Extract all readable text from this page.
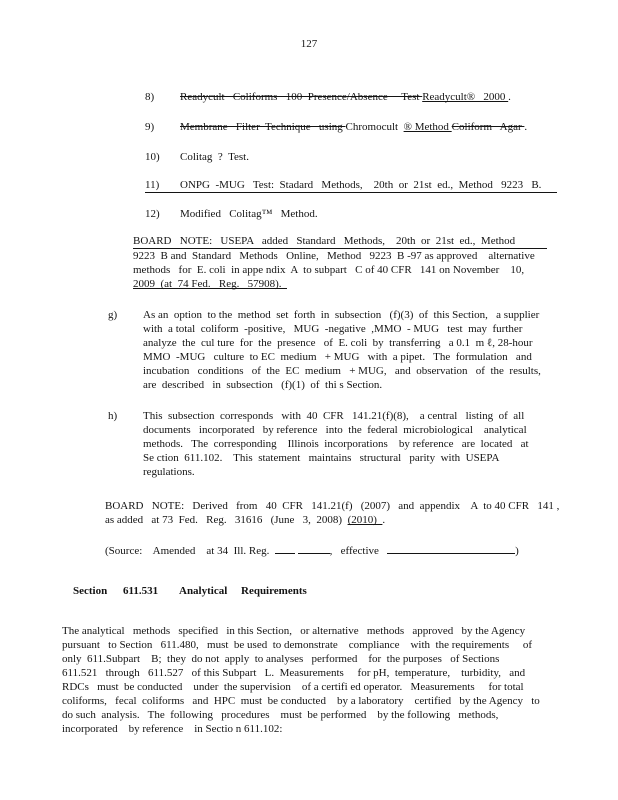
127
8)	Readycult   Coliforms   100  Presence/Absence     Test Readycult®   2000 .
9)	Membrane   Filter  Technique   using Chromocult  ® Method Coliform   Agar .
10)	Colitag  ?  Test.
11)	ONPG  -MUG   Test:  Stadard   Methods,    20th  or  21st  ed.,  Method   9223   B.
12)	Modified   Colitag™   Method.
BOARD   NOTE:   USEPA   added   Standard   Methods,    20th  or  21st  ed.,  Method
9223  B and  Standard   Methods   Online,   Method   9223  B -97 as approved    alternative
methods   for  E. coli  in appe ndix  A  to subpart   C of 40 CFR   141 on November    10,
2009  (at  74 Fed.   Reg.   57908).
g)	As an  option  to the  method  set  forth  in  subsection   (f)(3)  of  this Section,   a supplier
with  a total  coliform  -positive,   MUG  -negative  ,MMO  - MUG   test  may  further
analyze  the  cul ture  for  the  presence   of  E. coli  by  transferring   a 0.1  m ℓ, 28-hour
MMO  -MUG   culture  to EC  medium   + MUG   with  a pipet.   The  formulation   and
incubation   conditions   of  the  EC  medium   + MUG,   and  observation   of  the  results,
are  described   in  subsection   (f)(1)  of  thi s Section.
h)	This  subsection  corresponds   with  40  CFR   141.21(f)(8),    a central   listing  of  all
documents   incorporated   by reference   into  the  federal  microbiological    analytical
methods.   The  corresponding    Illinois  incorporations    by reference   are  located   at
Se ction  611.102.    This  statement   maintains   structural   parity  with  USEPA
regulations.
BOARD   NOTE:   Derived   from   40  CFR   141.21(f)   (2007)   and  appendix    A  to 40 CFR   141 ,
as added   at 73  Fed.   Reg.   31616   (June   3,  2008)  (2010)  .
(Source:    Amended    at 34  Ill. Reg.	,   effective	)

Section 611.531 Analytical Requirements

The analytical   methods   specified   in this Section,   or alternative   methods   approved   by the Agency
pursuant   to Section   611.480,   must  be used  to demonstrate    compliance    with  the requirements     of
only  611.Subpart    B;  they  do not  apply  to analyses   performed    for  the purposes   of Sections
611.521   through   611.527   of this Subpart   L.  Measurements     for pH,  temperature,    turbidity,   and
RDCs   must  be conducted    under  the supervision    of a certifi ed operator.   Measurements     for total
coliforms,   fecal  coliforms   and  HPC  must  be conducted    by a laboratory    certified   by the Agency   to
do such  analysis.   The  following   procedures    must  be performed    by the following   methods,
incorporated    by reference    in Sectio n 611.102:
